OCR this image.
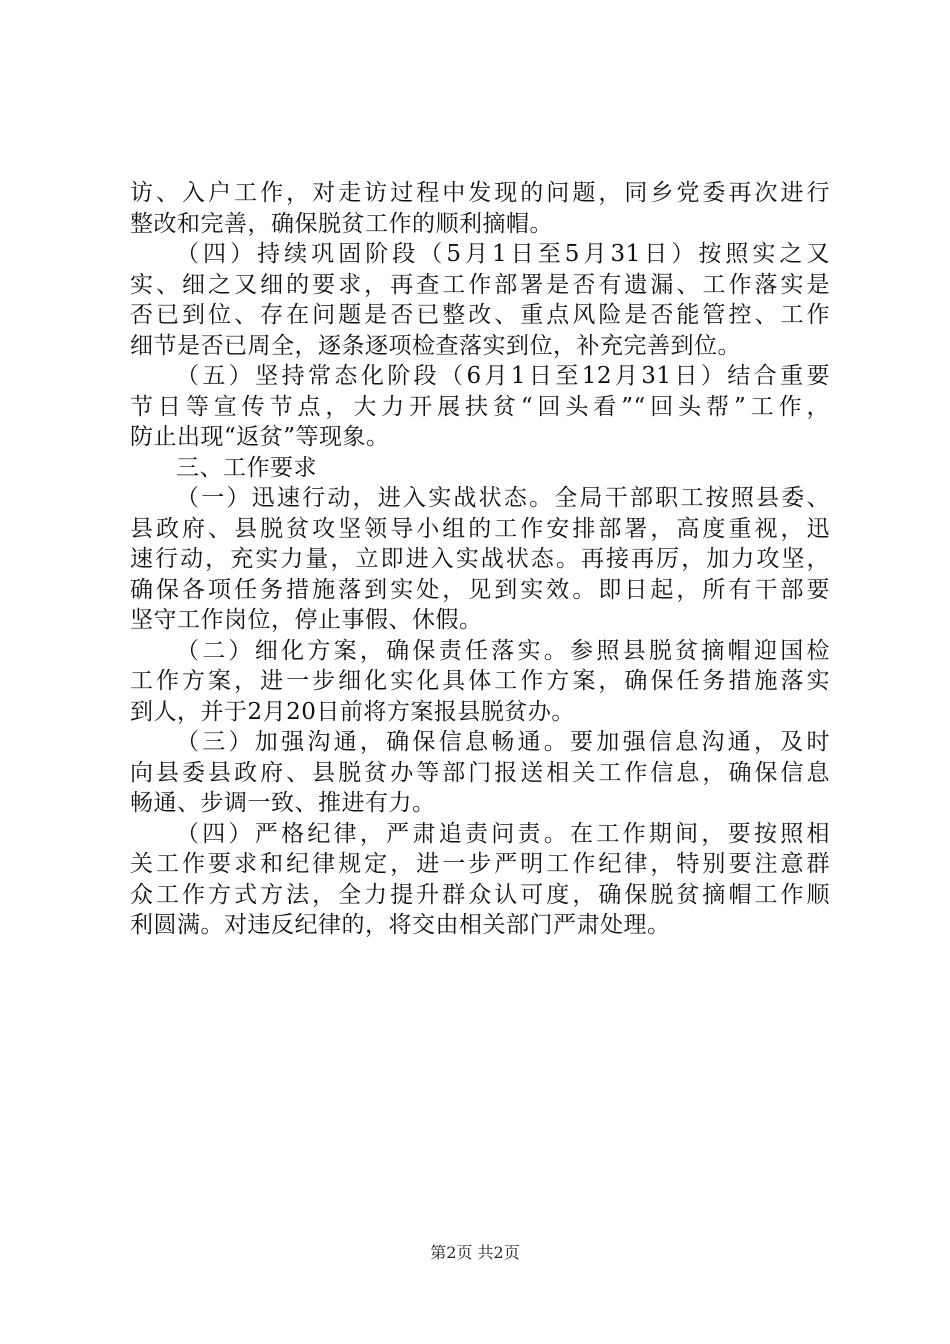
访、入户工作，对走访过程中发现的问题，同乡党委再次进行
整改和完善，确保脱贫工作的顺利摘帽。
（四）持续巩固阶段（5月1日至5月31日）按照实之又
实、细之又细的要求，再查工作部署是否有遗漏、工作落实是
否已到位、存在问题是否已整改、重点风险是否能管控、工作
细节是否已周全，逐条逐项检查落实到位，补充完善到位。
（五）坚持常态化阶段（6月1日至12月31日）结合重要
节日等宣传节点，大力开展扶贫“回头看”“回头帮”工作，
防止出现“返贫”等现象。
三、工作要求
（一）迅速行动，进入实战状态。全局干部职工按照县委、
县政府、县脱贫攻坚领导小组的工作安排部署，高度重视，迅
速行动，充实力量，立即进入实战状态。再接再厉，加力攻坚，
确保各项任务措施落到实处，见到实效。即日起，所有干部要
坚守工作岗位，停止事假、休假。
（二）细化方案，确保责任落实。参照县脱贫摘帽迎国检
工作方案，进一步细化实化具体工作方案，确保任务措施落实
到人，并于2月20日前将方案报县脱贫办。
（三）加强沟通，确保信息畅通。要加强信息沟通，及时
向县委县政府、县脱贫办等部门报送相关工作信息，确保信息
畅通、步调一致、推进有力。
（四）严格纪律，严肃追责问责。在工作期间，要按照相
关工作要求和纪律规定，进一步严明工作纪律，特别要注意群
众工作方式方法，全力提升群众认可度，确保脱贫摘帽工作顺
利圆满。对违反纪律的，将交由相关部门严肃处理。
第2页 共2页
